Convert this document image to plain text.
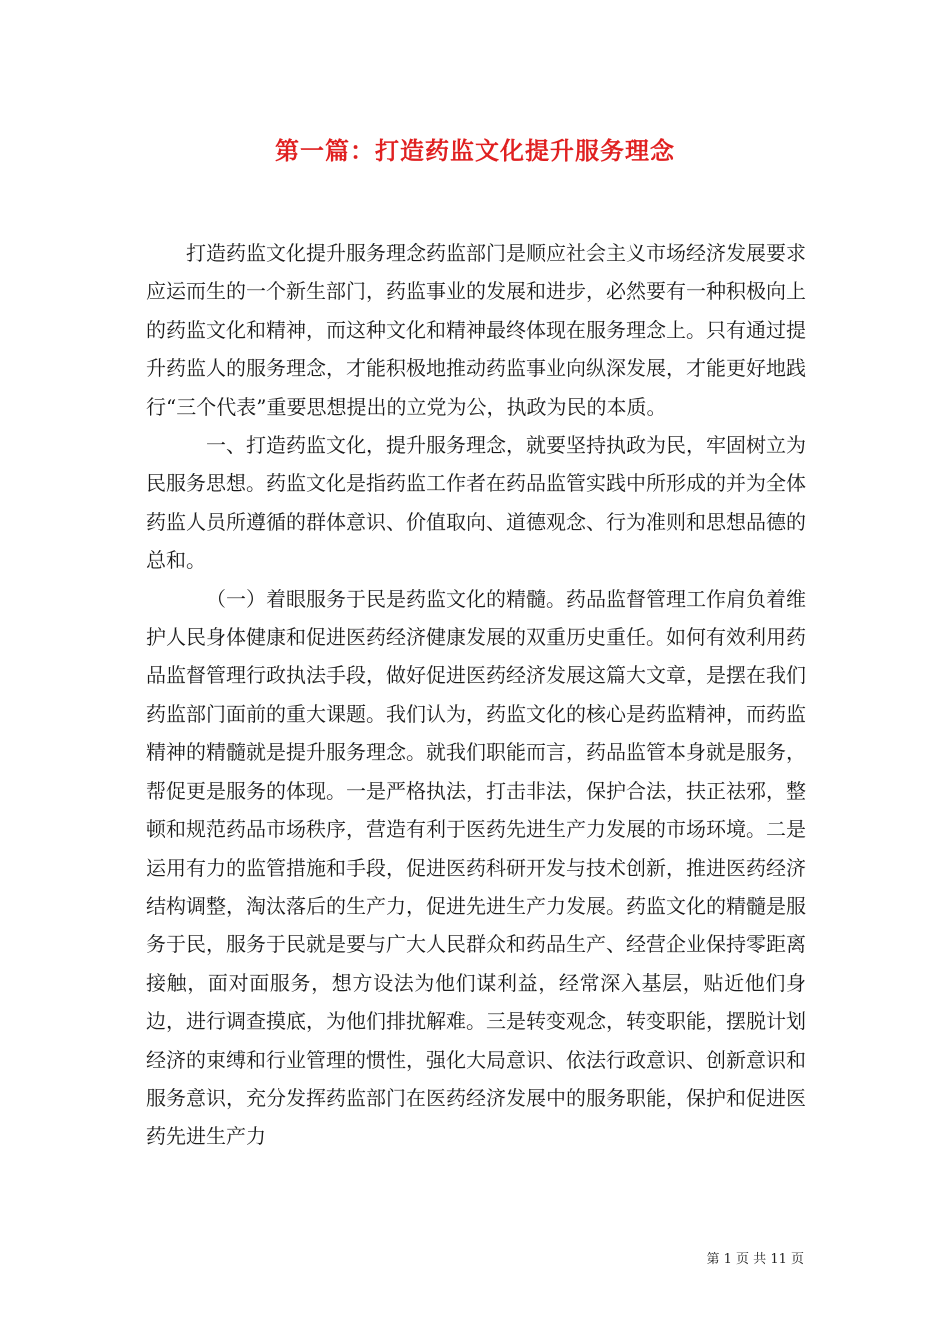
第一篇：打造药监文化提升服务理念

打造药监文化提升服务理念药监部门是顺应社会主义市场经济发展要求应运而生的一个新生部门，药监事业的发展和进步，必然要有一种积极向上的药监文化和精神，而这种文化和精神最终体现在服务理念上。只有通过提升药监人的服务理念，才能积极地推动药监事业向纵深发展，才能更好地践行“三个代表”重要思想提出的立党为公，执政为民的本质。

一、打造药监文化，提升服务理念，就要坚持执政为民，牢固树立为民服务思想。药监文化是指药监工作者在药品监管实践中所形成的并为全体药监人员所遵循的群体意识、价值取向、道德观念、行为准则和思想品德的总和。

（一）着眼服务于民是药监文化的精髓。药品监督管理工作肩负着维护人民身体健康和促进医药经济健康发展的双重历史重任。如何有效利用药品监督管理行政执法手段，做好促进医药经济发展这篇大文章，是摆在我们药监部门面前的重大课题。我们认为，药监文化的核心是药监精神，而药监精神的精髓就是提升服务理念。就我们职能而言，药品监管本身就是服务，帮促更是服务的体现。一是严格执法，打击非法，保护合法，扶正祛邪，整顿和规范药品市场秩序，营造有利于医药先进生产力发展的市场环境。二是运用有力的监管措施和手段，促进医药科研开发与技术创新，推进医药经济结构调整，淘汰落后的生产力，促进先进生产力发展。药监文化的精髓是服务于民，服务于民就是要与广大人民群众和药品生产、经营企业保持零距离接触，面对面服务，想方设法为他们谋利益，经常深入基层，贴近他们身边，进行调查摸底，为他们排扰解难。三是转变观念，转变职能，摆脱计划经济的束缚和行业管理的惯性，强化大局意识、依法行政意识、创新意识和服务意识，充分发挥药监部门在医药经济发展中的服务职能，保护和促进医药先进生产力

第 1 页 共 11 页
